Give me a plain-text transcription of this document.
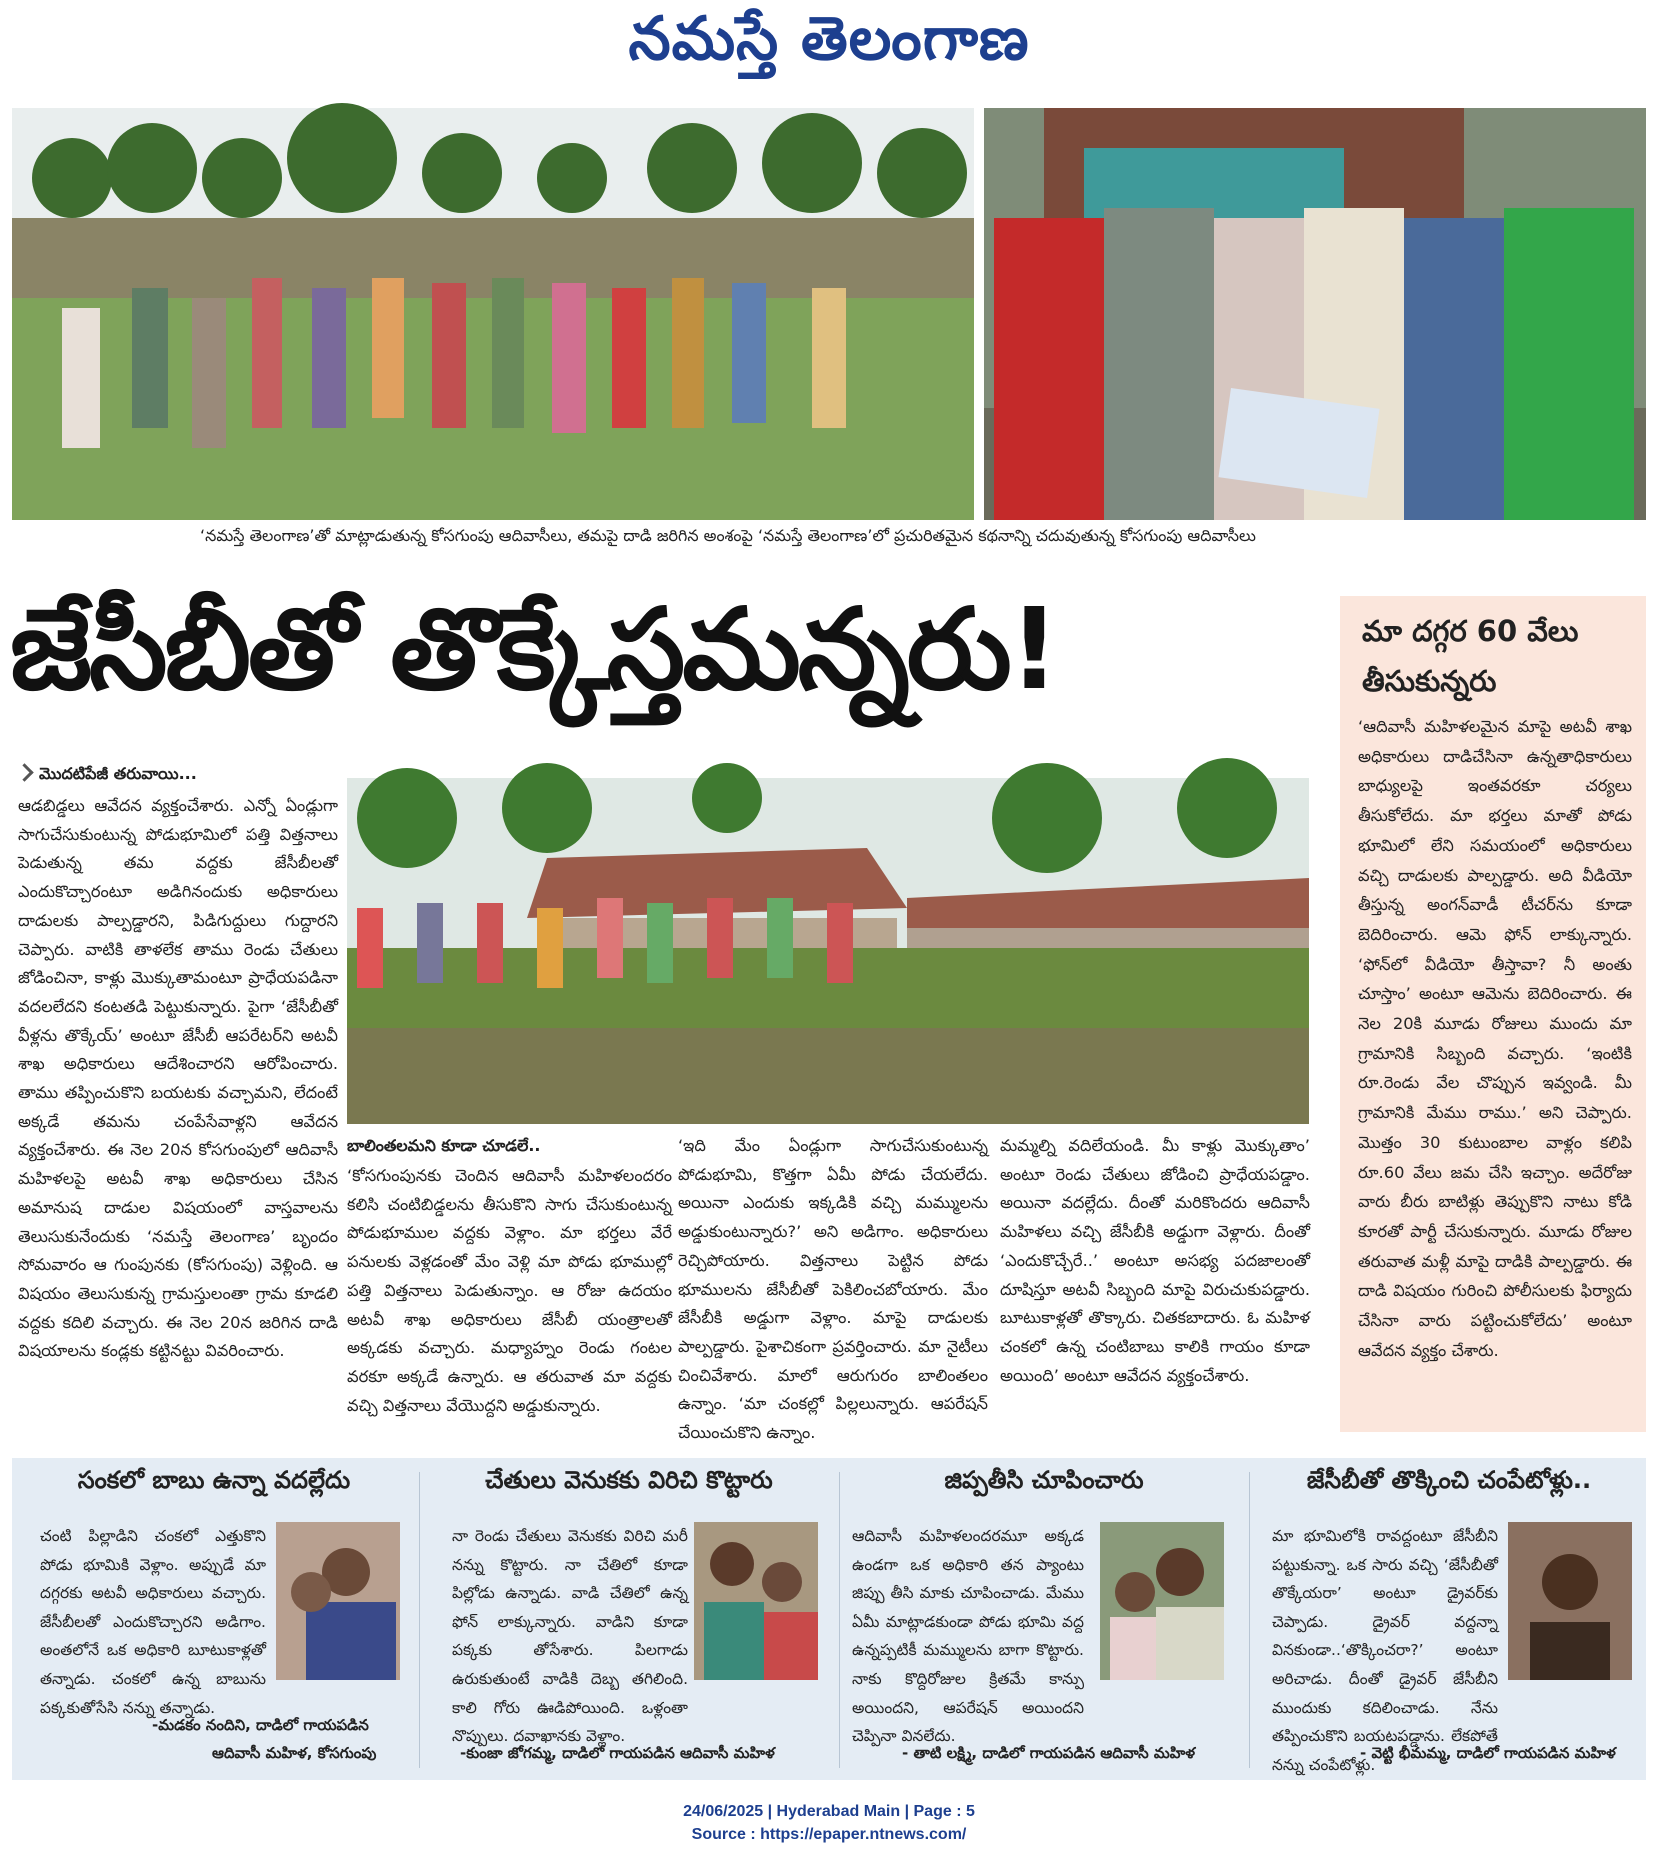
నమస్తే తెలంగాణ
‘నమస్తే తెలంగాణ’తో మాట్లాడుతున్న కోసగుంపు ఆదివాసీలు, తమపై దాడి జరిగిన అంశంపై ‘నమస్తే తెలంగాణ’లో ప్రచురితమైన కథనాన్ని చదువుతున్న కోసగుంపు ఆదివాసీలు
జేసీబీతో తొక్కేస్తమన్నరు!
మొదటిపేజీ తరువాయి...
ఆడబిడ్డలు ఆవేదన వ్యక్తంచేశారు. ఎన్నో ఏండ్లుగా సాగుచేసుకుంటున్న పోడుభూమిలో పత్తి విత్తనాలు పెడుతున్న తమ వద్దకు జేసీబీలతో ఎందుకొచ్చారంటూ అడిగినందుకు అధికారులు దాడులకు పాల్పడ్డారని, పిడిగుద్దులు గుద్దారని చెప్పారు. వాటికి తాళలేక తాము రెండు చేతులు జోడించినా, కాళ్లు మొక్కుతామంటూ ప్రాధేయపడినా వదలలేదని కంటతడి పెట్టుకున్నారు. పైగా ‘జేసీబీతో వీళ్లను తొక్కేయ్’ అంటూ జేసీబీ ఆపరేటర్‌ని అటవీ శాఖ అధికారులు ఆదేశించారని ఆరోపించారు. తాము తప్పించుకొని బయటకు వచ్చామని, లేదంటే అక్కడే తమను చంపేసేవాళ్లని ఆవేదన వ్యక్తంచేశారు. ఈ నెల 20న కోసగుంపులో ఆదివాసీ మహిళలపై అటవీ శాఖ అధికారులు చేసిన అమానుష దాడుల విషయంలో వాస్తవాలను తెలుసుకునేందుకు ‘నమస్తే తెలంగాణ’ బృందం సోమవారం ఆ గుంపునకు (కోసగుంపు) వెళ్లింది. ఆ విషయం తెలుసుకున్న గ్రామస్తులంతా గ్రామ కూడలి వద్దకు కదిలి వచ్చారు. ఈ నెల 20న జరిగిన దాడి విషయాలను కండ్లకు కట్టినట్టు వివరించారు.
బాలింతలమని కూడా చూడలే..
‘కోసగుంపునకు చెందిన ఆదివాసీ మహిళలందరం కలిసి చంటిబిడ్డలను తీసుకొని సాగు చేసుకుంటున్న పోడుభూముల వద్దకు వెళ్లాం. మా భర్తలు వేరే పనులకు వెళ్లడంతో మేం వెళ్లి మా పోడు భూముల్లో పత్తి విత్తనాలు పెడుతున్నాం. ఆ రోజు ఉదయం అటవీ శాఖ అధికారులు జేసీబీ యంత్రాలతో అక్కడకు వచ్చారు. మధ్యాహ్నం రెండు గంటల వరకూ అక్కడే ఉన్నారు. ఆ తరువాత మా వద్దకు వచ్చి విత్తనాలు వేయొద్దని అడ్డుకున్నారు.
‘ఇది మేం ఏండ్లుగా సాగుచేసుకుంటున్న పోడుభూమి, కొత్తగా ఏమీ పోడు చేయలేదు. అయినా ఎందుకు ఇక్కడికి వచ్చి మమ్ములను అడ్డుకుంటున్నారు?’ అని అడిగాం. అధికారులు రెచ్చిపోయారు. విత్తనాలు పెట్టిన పోడు భూములను జేసీబీతో పెకిలించబోయారు. మేం జేసీబీకి అడ్డుగా వెళ్లాం. మాపై దాడులకు పాల్పడ్డారు. పైశాచికంగా ప్రవర్తించారు. మా నైటీలు చించివేశారు. మాలో ఆరుగురం బాలింతలం ఉన్నాం. ‘మా చంకల్లో పిల్లలున్నారు. ఆపరేషన్ చేయించుకొని ఉన్నాం.
మమ్మల్ని వదిలేయండి. మీ కాళ్లు మొక్కుతాం’ అంటూ రెండు చేతులు జోడించి ప్రాధేయపడ్డాం. అయినా వదల్లేదు. దీంతో మరికొందరు ఆదివాసీ మహిళలు వచ్చి జేసీబీకి అడ్డుగా వెళ్లారు. దీంతో ‘ఎందుకొచ్చేరే..’ అంటూ అసభ్య పదజాలంతో దూషిస్తూ అటవీ సిబ్బంది మాపై విరుచుకుపడ్డారు. బూటుకాళ్లతో తొక్కారు. చితకబాదారు. ఓ మహిళ చంకలో ఉన్న చంటిబాబు కాలికి గాయం కూడా అయింది’ అంటూ ఆవేదన వ్యక్తంచేశారు.
మా దగ్గర 60 వేలు తీసుకున్నరు
‘ఆదివాసీ మహిళలమైన మాపై అటవీ శాఖ అధికారులు దాడిచేసినా ఉన్నతాధికారులు బాధ్యులపై ఇంతవరకూ చర్యలు తీసుకోలేదు. మా భర్తలు మాతో పోడు భూమిలో లేని సమయంలో అధికారులు వచ్చి దాడులకు పాల్పడ్డారు. అది వీడియో తీస్తున్న అంగన్‌వాడీ టీచర్‌ను కూడా బెదిరించారు. ఆమె ఫోన్ లాక్కున్నారు. ‘ఫోన్‌లో వీడియో తీస్తావా? నీ అంతు చూస్తాం’ అంటూ ఆమెను బెదిరించారు. ఈ నెల 20కి మూడు రోజులు ముందు మా గ్రామానికి సిబ్బంది వచ్చారు. ‘ఇంటికి రూ.రెండు వేల చొప్పున ఇవ్వండి. మీ గ్రామానికి మేము రాము.’ అని చెప్పారు. మొత్తం 30 కుటుంబాల వాళ్లం కలిపి రూ.60 వేలు జమ చేసి ఇచ్చాం. అదేరోజు వారు బీరు బాటిళ్లు తెప్పుకొని నాటు కోడి కూరతో పార్టీ చేసుకున్నారు. మూడు రోజుల తరువాత మళ్లీ మాపై దాడికి పాల్పడ్డారు. ఈ దాడి విషయం గురించి పోలీసులకు ఫిర్యాదు చేసినా వారు పట్టించుకోలేదు’ అంటూ ఆవేదన వ్యక్తం చేశారు.
సంకలో బాబు ఉన్నా వదల్లేదు
చంటి పిల్లాడిని చంకలో ఎత్తుకొని పోడు భూమికి వెళ్లాం. అప్పుడే మా దగ్గరకు అటవీ అధికారులు వచ్చారు. జేసీబీలతో ఎందుకొచ్చారని అడిగాం. అంతలోనే ఒక అధికారి బూటుకాళ్లతో తన్నాడు. చంకలో ఉన్న బాబును పక్కకుతోసేసి నన్ను తన్నాడు.
-మడకం నందిని, దాడిలో గాయపడిన
ఆదివాసీ మహిళ, కోసగుంపు
చేతులు వెనుకకు విరిచి కొట్టారు
నా రెండు చేతులు వెనుకకు విరిచి మరీ నన్ను కొట్టారు. నా చేతిలో కూడా పిల్లోడు ఉన్నాడు. వాడి చేతిలో ఉన్న ఫోన్ లాక్కున్నారు. వాడిని కూడా పక్కకు తోసేశారు. పిలగాడు ఉరుకుతుంటే వాడికి దెబ్బ తగిలింది. కాలి గోరు ఊడిపోయింది. ఒళ్లంతా నొప్పులు. దవాఖానకు వెళ్లాం.
-కుంజా జోగమ్మ, దాడిలో గాయపడిన ఆదివాసీ మహిళ
జిప్పతీసి చూపించారు
ఆదివాసీ మహిళలందరమూ అక్కడ ఉండగా ఒక అధికారి తన ప్యాంటు జిప్పు తీసి మాకు చూపించాడు. మేము ఏమీ మాట్లాడకుండా పోడు భూమి వద్ద ఉన్నప్పటికీ మమ్ములను బాగా కొట్టారు. నాకు కొద్దిరోజుల క్రితమే కాన్పు అయిందని, ఆపరేషన్ అయిందని చెప్పినా వినలేదు.
- తాటి లక్ష్మి, దాడిలో గాయపడిన ఆదివాసీ మహిళ
జేసీబీతో తొక్కించి చంపేటోళ్లు..
మా భూమిలోకి రావద్దంటూ జేసీబీని పట్టుకున్నా. ఒక సారు వచ్చి ‘జేసీబీతో తొక్కేయరా’ అంటూ డ్రైవర్‌కు చెప్పాడు. డ్రైవర్ వద్దన్నా వినకుండా..‘తొక్కించరా?’ అంటూ అరిచాడు. దీంతో డ్రైవర్ జేసీబీని ముందుకు కదిలించాడు. నేను తప్పించుకొని బయటపడ్డాను. లేకపోతే నన్ను చంపేటోళ్లు.
- వెట్టి భీమమ్మ, దాడిలో గాయపడిన మహిళ
24/06/2025 | Hyderabad Main | Page : 5
Source : https://epaper.ntnews.com/
